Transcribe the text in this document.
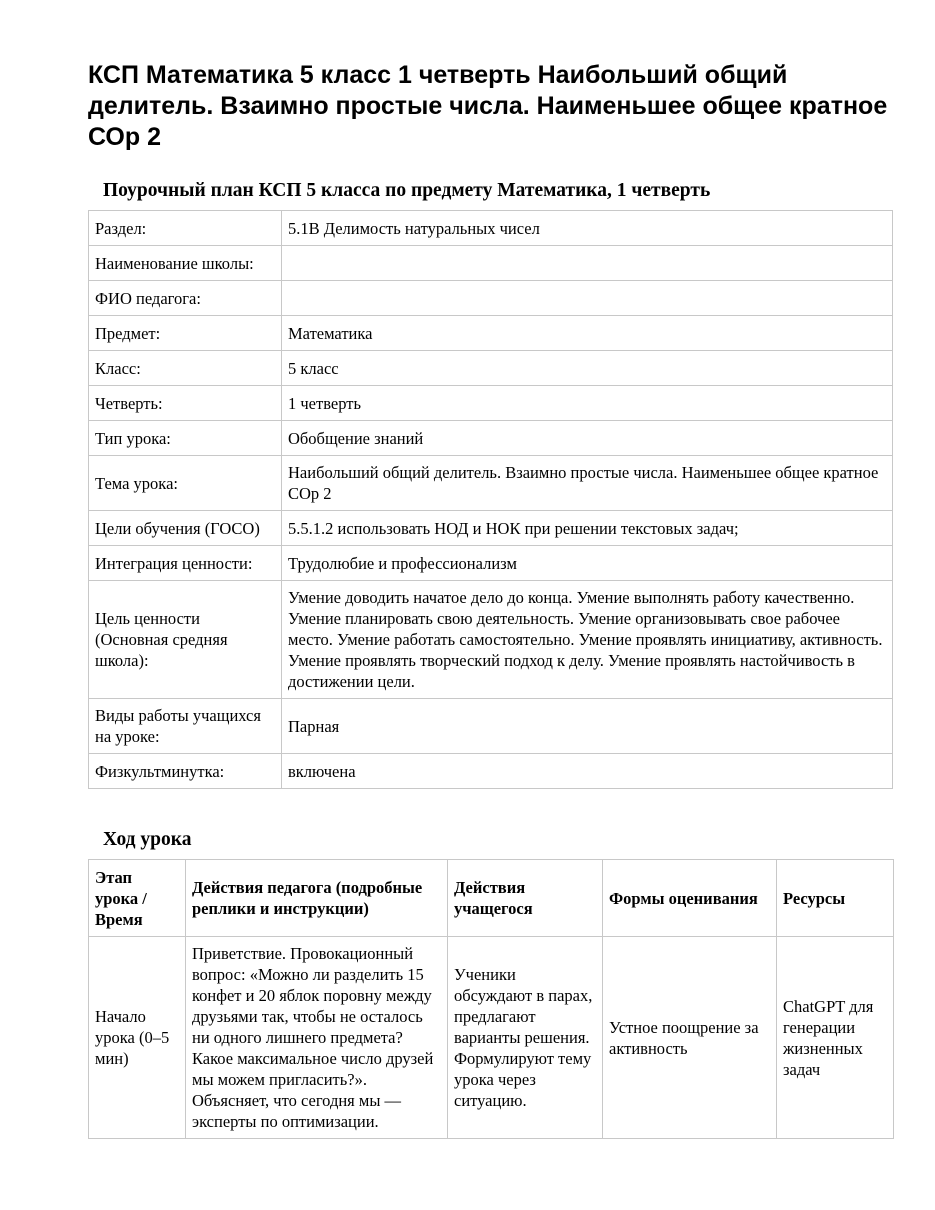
КСП Математика 5 класс 1 четверть Наибольший общий делитель. Взаимно простые числа. Наименьшее общее кратное СОр 2

Поурочный план КСП 5 класса по предмету Математика, 1 четверть

Раздел:	5.1В Делимость натуральных чисел
Наименование школы:	
ФИО педагога:	
Предмет:	Математика
Класс:	5 класс
Четверть:	1 четверть
Тип урока:	Обобщение знаний
Тема урока:	Наибольший общий делитель. Взаимно простые числа. Наименьшее общее кратное СОр 2
Цели обучения (ГОСО)	5.5.1.2 использовать НОД и НОК при решении текстовых задач;
Интеграция ценности:	Трудолюбие и профессионализм
Цель ценности (Основная средняя школа):	Умение доводить начатое дело до конца. Умение выполнять работу качественно. Умение планировать свою деятельность. Умение организовывать свое рабочее место. Умение работать самостоятельно. Умение проявлять инициативу, активность. Умение проявлять творческий подход к делу. Умение проявлять настойчивость в достижении цели.
Виды работы учащихся на уроке:	Парная
Физкультминутка:	включена

Ход урока

Этап урока / Время	Действия педагога (подробные реплики и инструкции)	Действия учащегося	Формы оценивания	Ресурсы
Начало урока (0–5 мин)	Приветствие. Провокационный вопрос: «Можно ли разделить 15 конфет и 20 яблок поровну между друзьями так, чтобы не осталось ни одного лишнего предмета? Какое максимальное число друзей мы можем пригласить?». Объясняет, что сегодня мы — эксперты по оптимизации.	Ученики обсуждают в парах, предлагают варианты решения. Формулируют тему урока через ситуацию.	Устное поощрение за активность	ChatGPT для генерации жизненных задач
